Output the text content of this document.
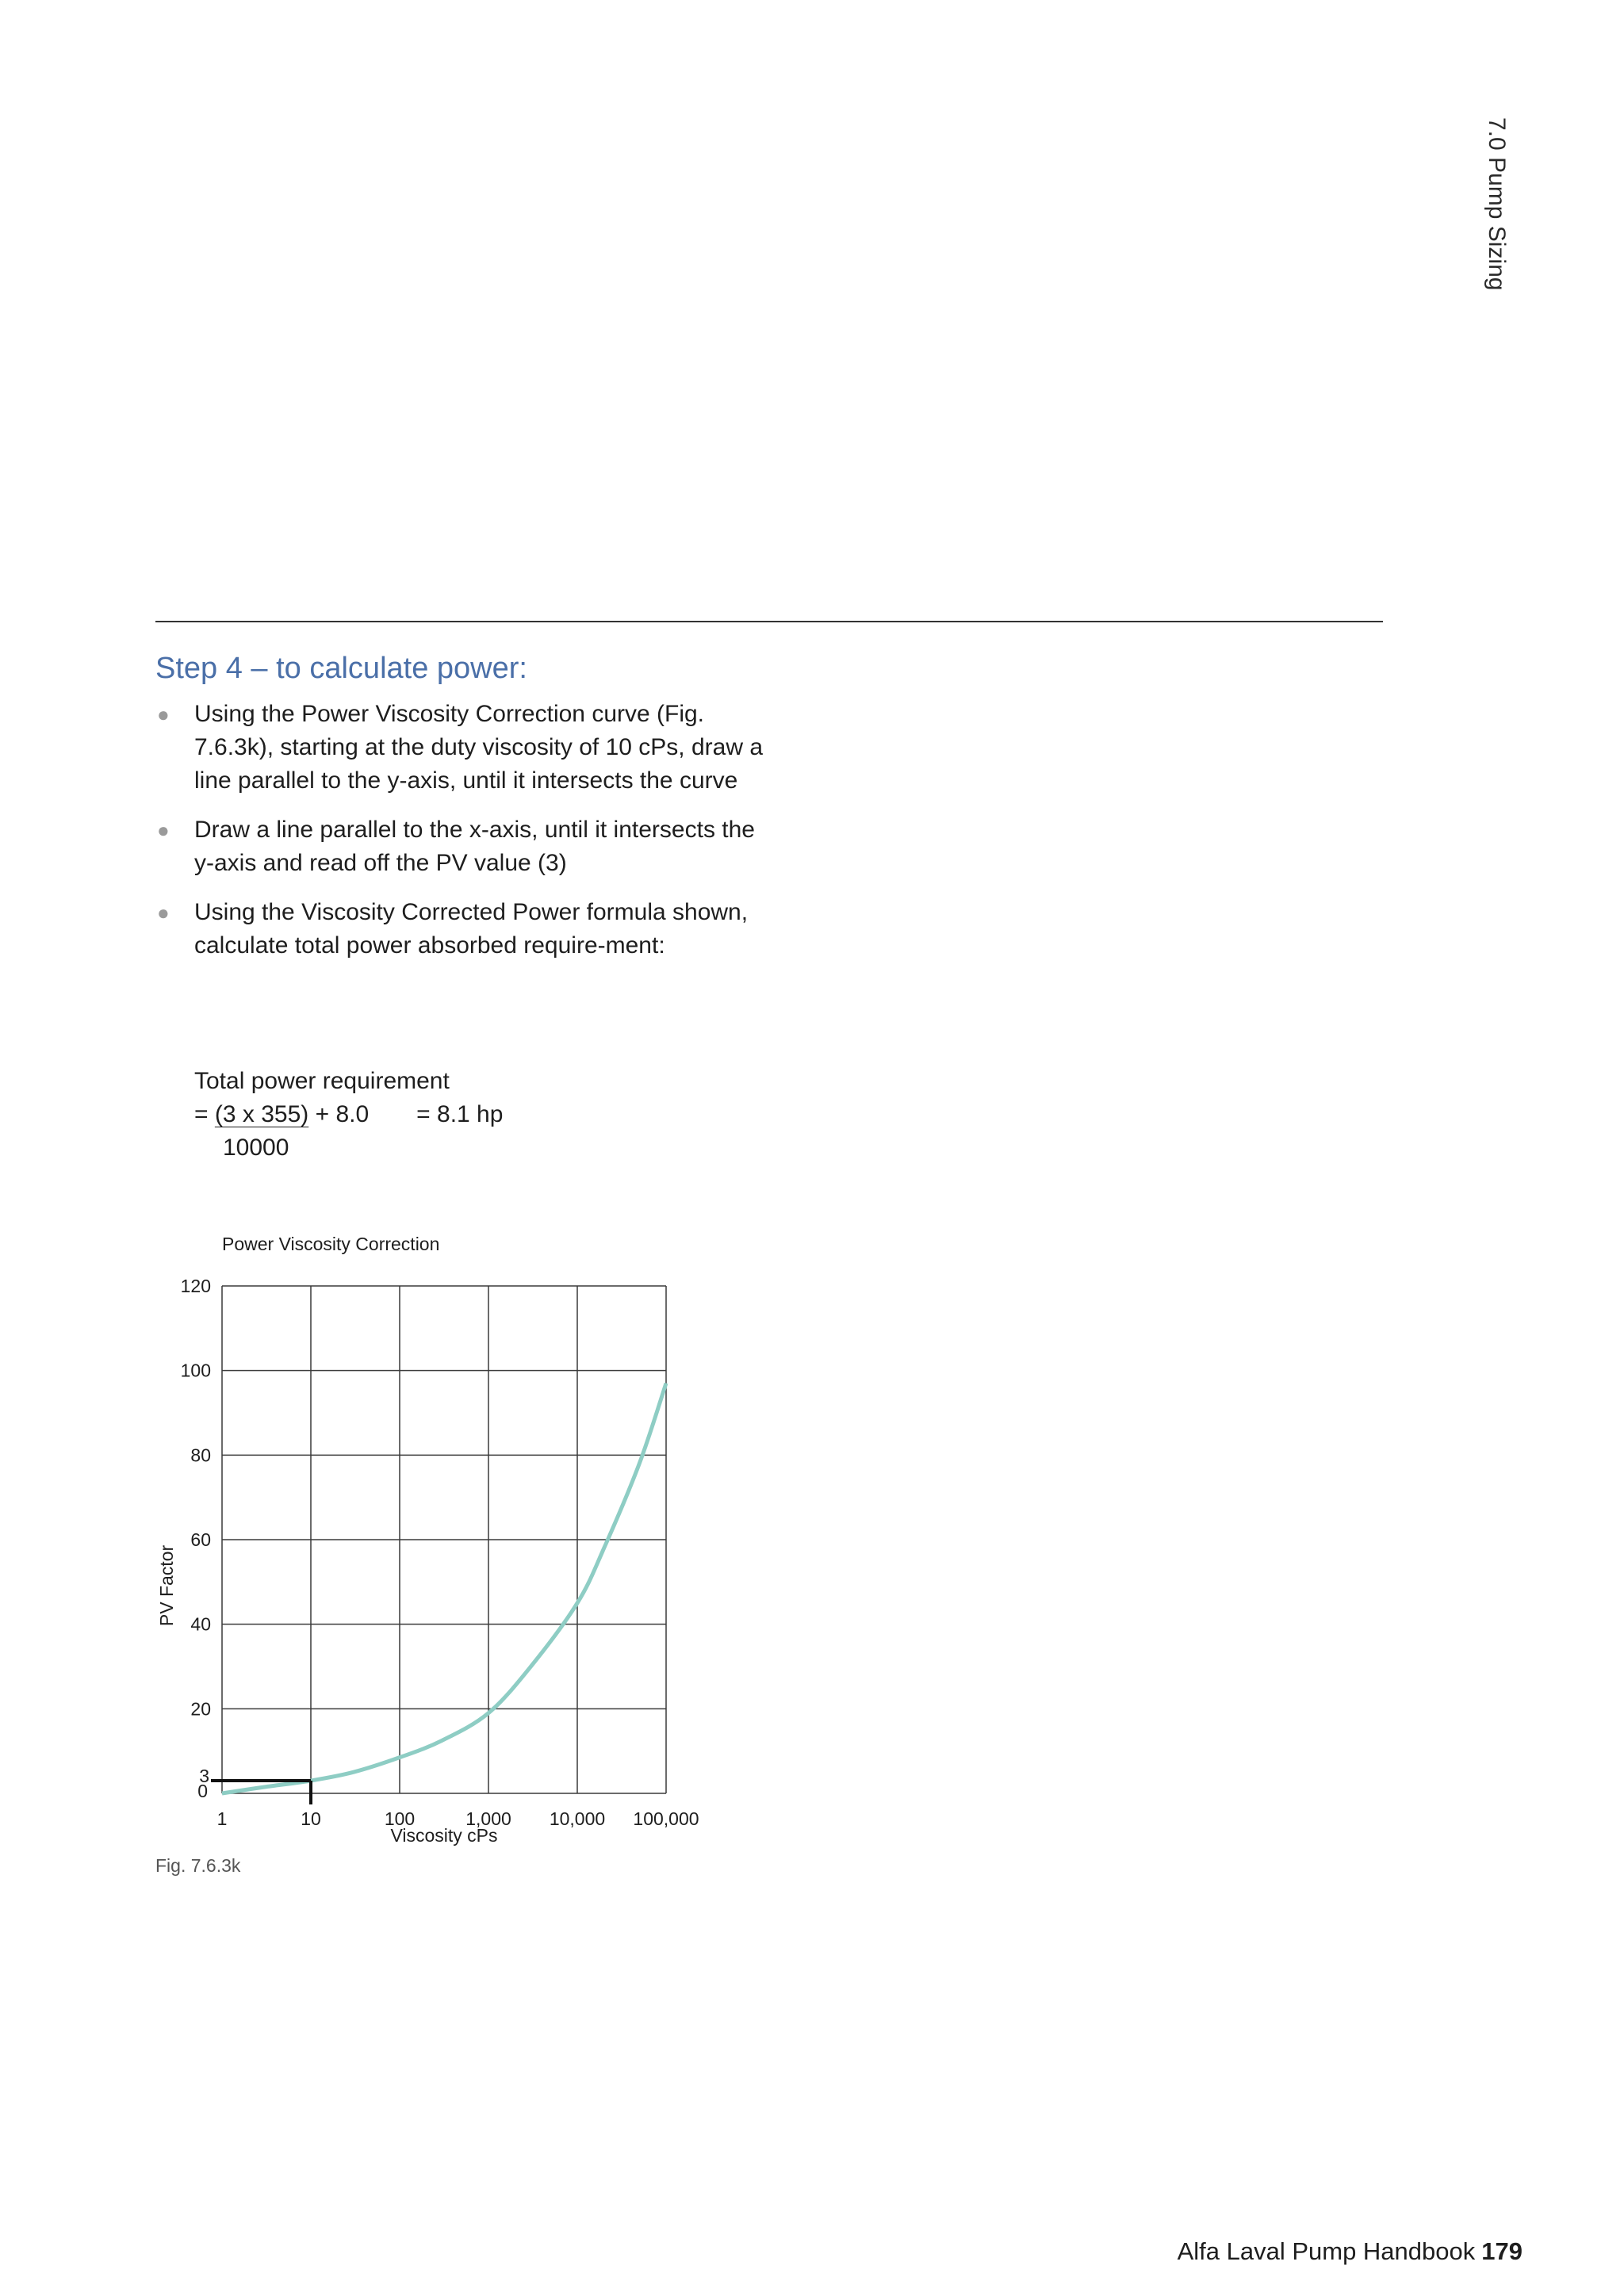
7.0 Pump Sizing
Step 4 – to calculate power:
● Using the Power Viscosity Correction curve (Fig. 7.6.3k), starting at the duty viscosity of 10 cPs, draw a line parallel to the y-axis, until it intersects the curve
● Draw a line parallel to the x-axis, until it intersects the y-axis and read off the PV value (3)
● Using the Viscosity Corrected Power formula shown, calculate total power absorbed require-ment:
Total power requirement
= (3 x 355) + 8.0 = 8.1 hp
10000
Power Viscosity Correction
1	10	100	1,000 10,000 100,000
0
20
40
60
80
100
120
3
PV Factor
Viscosity cPs
Fig. 7.6.3k
Alfa Laval Pump Handbook 179
